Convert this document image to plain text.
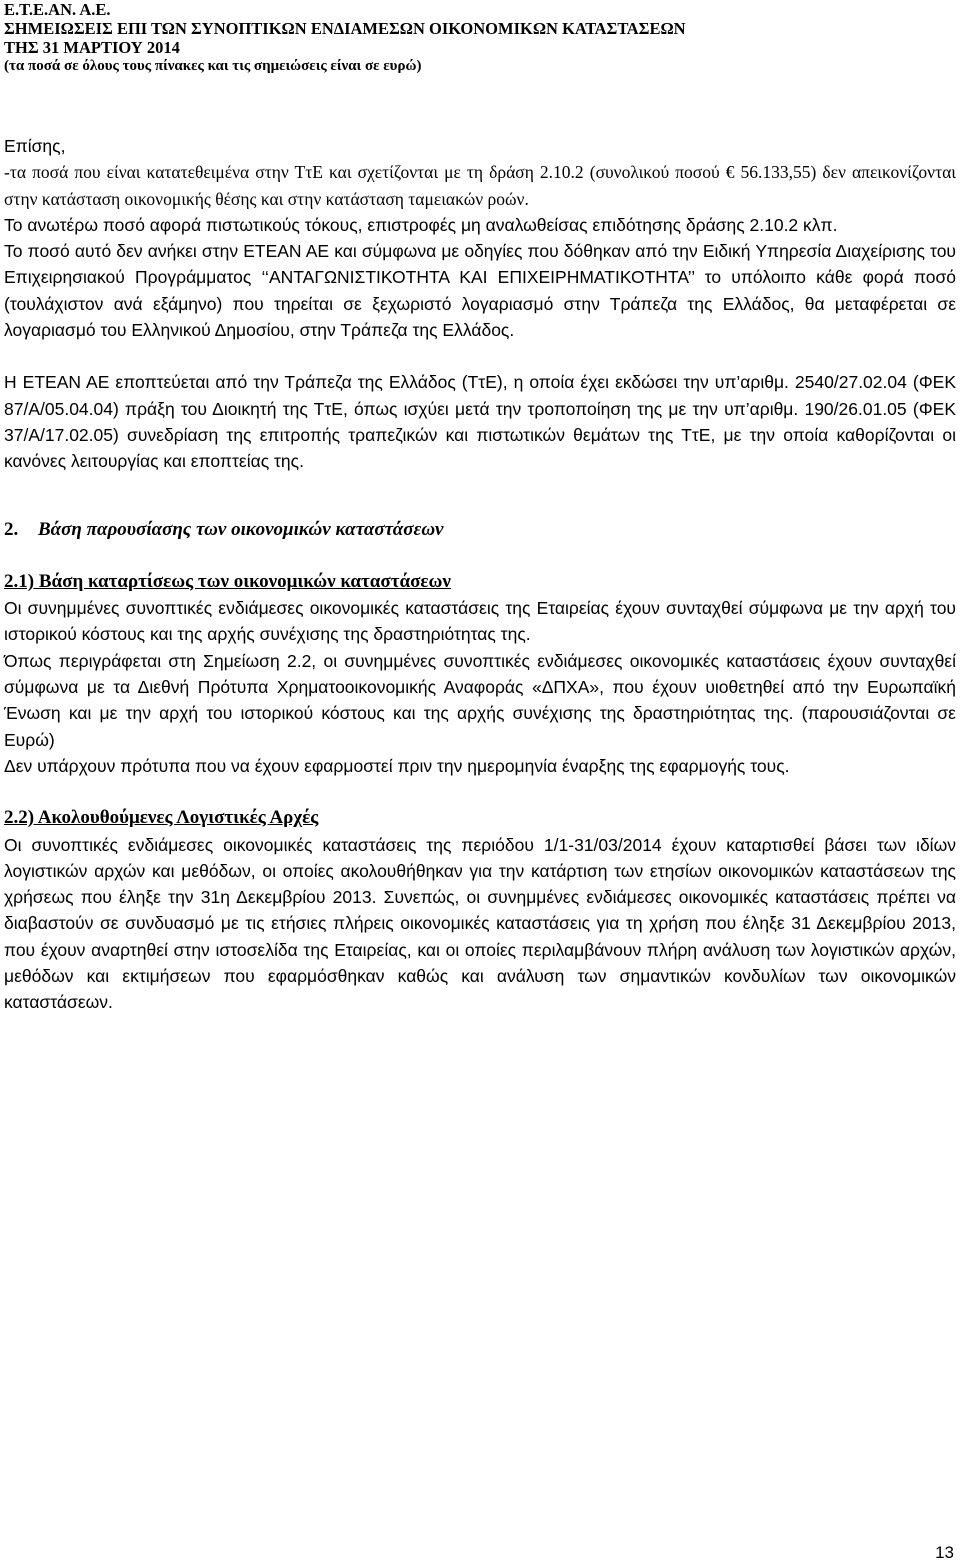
Ε.Τ.Ε.ΑΝ. Α.Ε.
ΣΗΜΕΙΩΣΕΙΣ ΕΠΙ ΤΩΝ ΣΥΝΟΠΤΙΚΩΝ ΕΝΔΙΑΜΕΣΩΝ ΟΙΚΟΝΟΜΙΚΩΝ ΚΑΤΑΣΤΑΣΕΩΝ
ΤΗΣ 31 ΜΑΡΤΙΟΥ 2014
(τα ποσά σε όλους τους πίνακες και τις σημειώσεις είναι σε ευρώ)

Επίσης,

-τα ποσά που είναι κατατεθειμένα στην ΤτΕ και σχετίζονται με τη δράση 2.10.2 (συνολικού ποσού € 56.133,55) δεν απεικονίζονται στην κατάσταση οικονομικής θέσης και στην κατάσταση ταμειακών ροών.

Το ανωτέρω ποσό αφορά πιστωτικούς τόκους, επιστροφές μη αναλωθείσας επιδότησης δράσης 2.10.2 κλπ.

Το ποσό αυτό δεν ανήκει στην ΕΤΕΑΝ ΑΕ και σύμφωνα με οδηγίες που δόθηκαν από την Ειδική Υπηρεσία Διαχείρισης του Επιχειρησιακού Προγράμματος ‘‘ΑΝΤΑΓΩΝΙΣΤΙΚΟΤΗΤΑ ΚΑΙ ΕΠΙΧΕΙΡΗΜΑΤΙΚΟΤΗΤΑ’’ το υπόλοιπο κάθε φορά ποσό (τουλάχιστον ανά εξάμηνο) που τηρείται σε ξεχωριστό λογαριασμό στην Τράπεζα της Ελλάδος, θα μεταφέρεται σε λογαριασμό του Ελληνικού Δημοσίου, στην Τράπεζα της Ελλάδος.

Η ΕΤΕΑΝ ΑΕ εποπτεύεται από την Τράπεζα της Ελλάδος (ΤτΕ), η οποία έχει εκδώσει την υπ’αριθμ. 2540/27.02.04 (ΦΕΚ 87/Α/05.04.04) πράξη του Διοικητή της ΤτΕ, όπως ισχύει μετά την τροποποίηση της με την υπ’αριθμ. 190/26.01.05 (ΦΕΚ 37/Α/17.02.05) συνεδρίαση της επιτροπής τραπεζικών και πιστωτικών θεμάτων της ΤτΕ, με την οποία καθορίζονται οι κανόνες λειτουργίας και εποπτείας της.

2. Βάση παρουσίασης των οικονομικών καταστάσεων

2.1) Βάση καταρτίσεως των οικονομικών καταστάσεων

Οι συνημμένες συνοπτικές ενδιάμεσες οικονομικές καταστάσεις της Εταιρείας έχουν συνταχθεί σύμφωνα με την αρχή του ιστορικού κόστους και της αρχής συνέχισης της δραστηριότητας της.

Όπως περιγράφεται στη Σημείωση 2.2, οι συνημμένες συνοπτικές ενδιάμεσες οικονομικές καταστάσεις έχουν συνταχθεί σύμφωνα με τα Διεθνή Πρότυπα Χρηματοοικονομικής Αναφοράς «ΔΠΧΑ», που έχουν υιοθετηθεί από την Ευρωπαϊκή Ένωση και με την αρχή του ιστορικού κόστους και της αρχής συνέχισης της δραστηριότητας της. (παρουσιάζονται σε Ευρώ)

Δεν υπάρχουν πρότυπα που να έχουν εφαρμοστεί πριν την ημερομηνία έναρξης της εφαρμογής τους.

2.2) Ακολουθούμενες Λογιστικές Αρχές

Οι συνοπτικές ενδιάμεσες οικονομικές καταστάσεις της περιόδου 1/1-31/03/2014 έχουν καταρτισθεί βάσει των ιδίων λογιστικών αρχών και μεθόδων, οι οποίες ακολουθήθηκαν για την κατάρτιση των ετησίων οικονομικών καταστάσεων της χρήσεως που έληξε την 31η Δεκεμβρίου 2013. Συνεπώς, οι συνημμένες ενδιάμεσες οικονομικές καταστάσεις πρέπει να διαβαστούν σε συνδυασμό με τις ετήσιες πλήρεις οικονομικές καταστάσεις για τη χρήση που έληξε 31 Δεκεμβρίου 2013, που έχουν αναρτηθεί στην ιστοσελίδα της Εταιρείας, και οι οποίες περιλαμβάνουν πλήρη ανάλυση των λογιστικών αρχών, μεθόδων και εκτιμήσεων που εφαρμόσθηκαν καθώς και ανάλυση των σημαντικών κονδυλίων των οικονομικών καταστάσεων.

13
